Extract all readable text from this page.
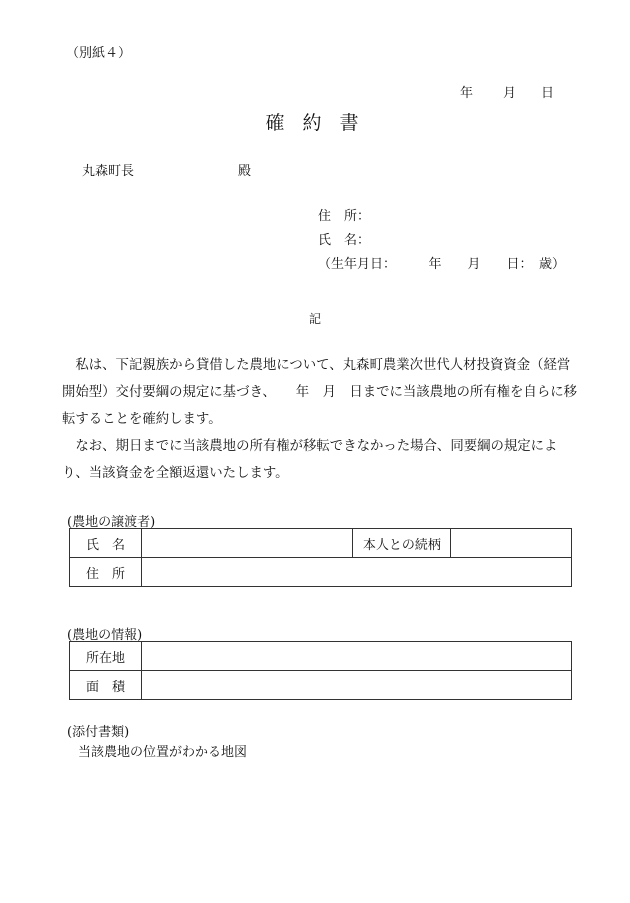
（別紙４）
年 月 日
確 約 書
丸森町長	殿
住　所：
氏　名：
（生年月日：　　　年　　月　　日：　歳）
記

　私は、下記親族から貸借した農地について、丸森町農業次世代人材投資資金（経営開始型）交付要綱の規定に基づき、　　年　月　日までに当該農地の所有権を自らに移転することを確約します。

　なお、期日までに当該農地の所有権が移転できなかった場合、同要綱の規定により、当該資金を全額返還いたします。

(農地の譲渡者)
氏　名		本人との続柄	
住　所			
(農地の情報)
所在地	
面　積	
(添付書類)
当該農地の位置がわかる地図
